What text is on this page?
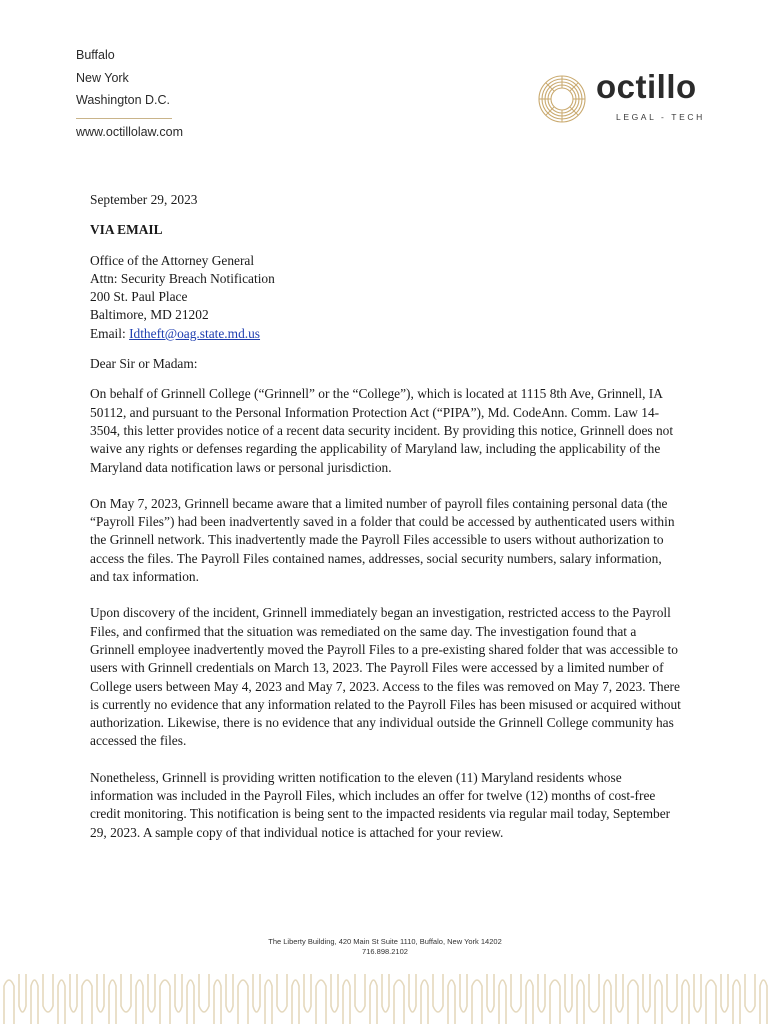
Buffalo
New York
Washington D.C.
www.octillolaw.com
octillo
LEGAL - TECH

September 29, 2023

VIA EMAIL

Office of the Attorney General

Attn: Security Breach Notification

200 St. Paul Place

Baltimore, MD 21202

Email: Idtheft@oag.state.md.us

Dear Sir or Madam:

On behalf of Grinnell College (“Grinnell” or the “College”), which is located at 1115 8th Ave, Grinnell, IA 50112, and pursuant to the Personal Information Protection Act (“PIPA”), Md. CodeAnn. Comm. Law 14-3504, this letter provides notice of a recent data security incident. By providing this notice, Grinnell does not waive any rights or defenses regarding the applicability of Maryland law, including the applicability of the Maryland data notification laws or personal jurisdiction.

On May 7, 2023, Grinnell became aware that a limited number of payroll files containing personal data (the “Payroll Files”) had been inadvertently saved in a folder that could be accessed by authenticated users within the Grinnell network. This inadvertently made the Payroll Files accessible to users without authorization to access the files. The Payroll Files contained names, addresses, social security numbers, salary information, and tax information.

Upon discovery of the incident, Grinnell immediately began an investigation, restricted access to the Payroll Files, and confirmed that the situation was remediated on the same day. The investigation found that a Grinnell employee inadvertently moved the Payroll Files to a pre-existing shared folder that was accessible to users with Grinnell credentials on March 13, 2023. The Payroll Files were accessed by a limited number of College users between May 4, 2023 and May 7, 2023. Access to the files was removed on May 7, 2023. There is currently no evidence that any information related to the Payroll Files has been misused or acquired without authorization. Likewise, there is no evidence that any individual outside the Grinnell College community has accessed the files.

Nonetheless, Grinnell is providing written notification to the eleven (11) Maryland residents whose information was included in the Payroll Files, which includes an offer for twelve (12) months of cost-free credit monitoring. This notification is being sent to the impacted residents via regular mail today, September 29, 2023. A sample copy of that individual notice is attached for your review.

The Liberty Building, 420 Main St Suite 1110, Buffalo, New York 14202
716.898.2102
